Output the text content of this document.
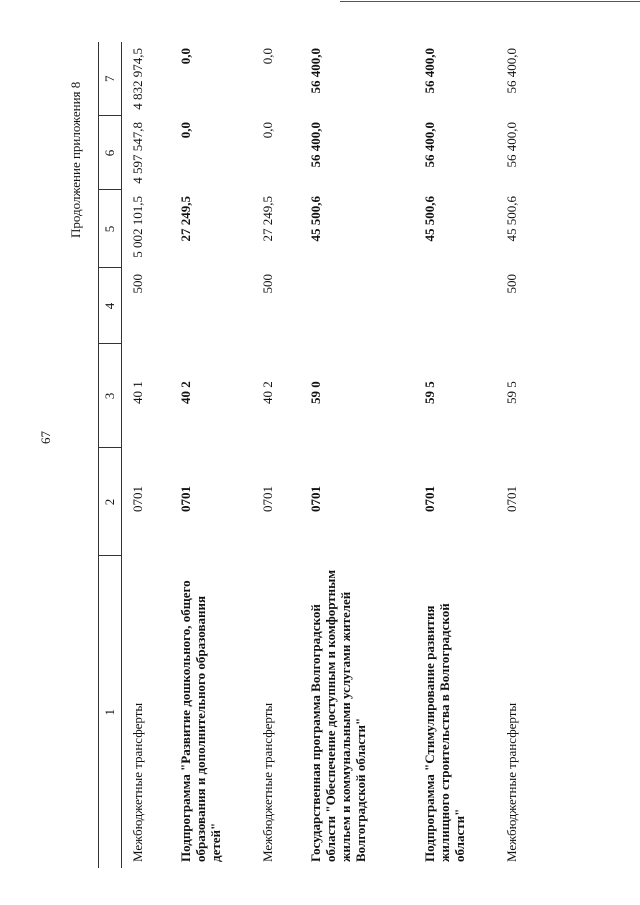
67
Продолжение приложения 8
1	2	3	4	5	6	7
Межбюджетные трансферты	0701	40 1	500	5 002 101,5	4 597 547,8	4 832 974,5
Подпрограмма "Развитие дошкольного, общего образования и дополнительного образования детей"	0701	40 2		27 249,5	0,0	0,0
Межбюджетные трансферты	0701	40 2	500	27 249,5	0,0	0,0
Государственная программа Волгоградской области "Обеспечение доступным и комфортным жильем и коммунальными услугами жителей Волгоградской области"	0701	59 0		45 500,6	56 400,0	56 400,0
Подпрограмма "Стимулирование развития жилищного строительства в Волгоградской области"	0701	59 5		45 500,6	56 400,0	56 400,0
Межбюджетные трансферты	0701	59 5	500	45 500,6	56 400,0	56 400,0
